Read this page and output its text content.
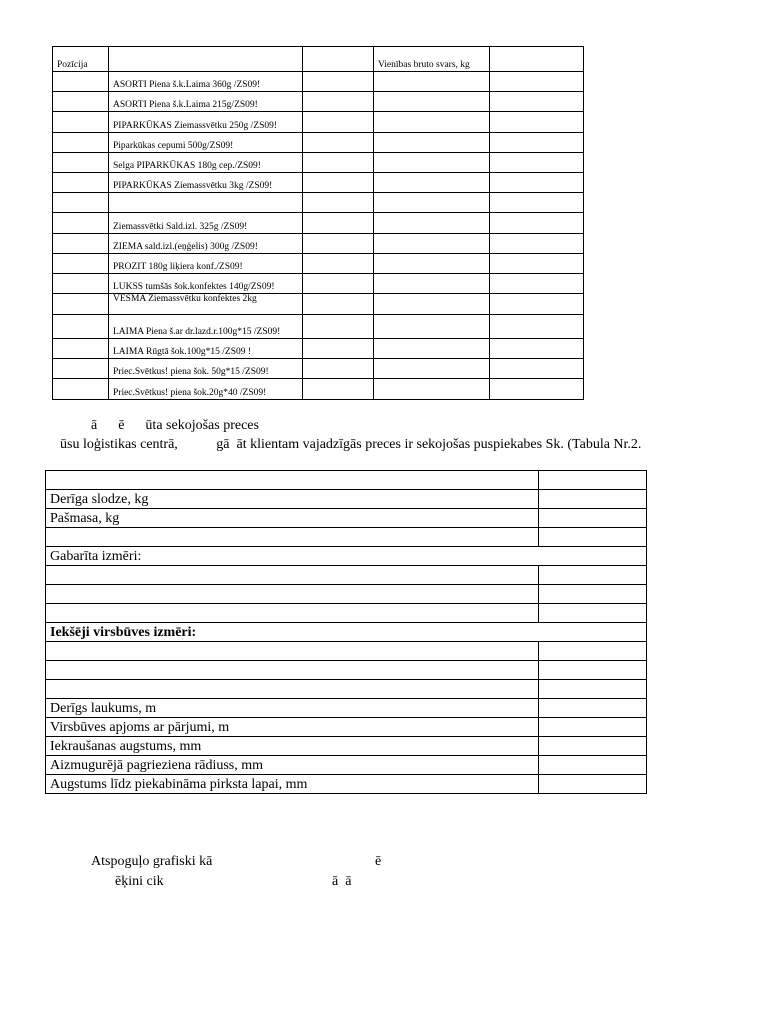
Pozīcija			Vienības bruto svars, kg	
	ASORTI Piena š.k.Laima 360g /ZS09!			
	ASORTI Piena š.k.Laima 215g/ZS09!			
	PIPARKŪKAS Ziemassvētku 250g /ZS09!			
	Piparkūkas cepumi 500g/ZS09!			
	Selga PIPARKŪKAS 180g cep./ZS09!			
	PIPARKŪKAS Ziemassvētku 3kg /ZS09!			

	Ziemassvētki Sald.izl. 325g /ZS09!			
	ZIEMA sald.izl.(eņģelis) 300g /ZS09!			
	PROZIT 180g liķiera konf./ZS09!			
	LUKSS tumšās šok.konfektes 140g/ZS09!			
	VĒSMA Ziemassvētku konfektes 2kg			
	LAIMA Piena š.ar dr.lazd.r.100g*15 /ZS09!			
	LAIMA Rūgtā šok.100g*15 /ZS09 !			
	Priec.Svētkus! piena šok. 50g*15 /ZS09!			
	Priec.Svētkus! piena šok.20g*40 /ZS09!			
ā      ē      ūta sekojošas preces
ūsu loģistikas centrā,           gā  āt klientam vajadzīgās preces ir sekojošas puspiekabes Sk. (Tabula Nr.2.

Derīga slodze, kg	
Pašmasa, kg	

Gabarīta izmēri:	

Iekšēji virsbūves izmēri:	

Derīgs laukums, m	
Virsbūves apjoms ar pārjumi, m	
Iekraušanas augstums, mm	
Aizmugurējā pagrieziena rādiuss, mm	
Augstums līdz piekabināma pirksta lapai, mm	
Atspoguļo grafiski kā	ē
ēķini cik	ā  ā
